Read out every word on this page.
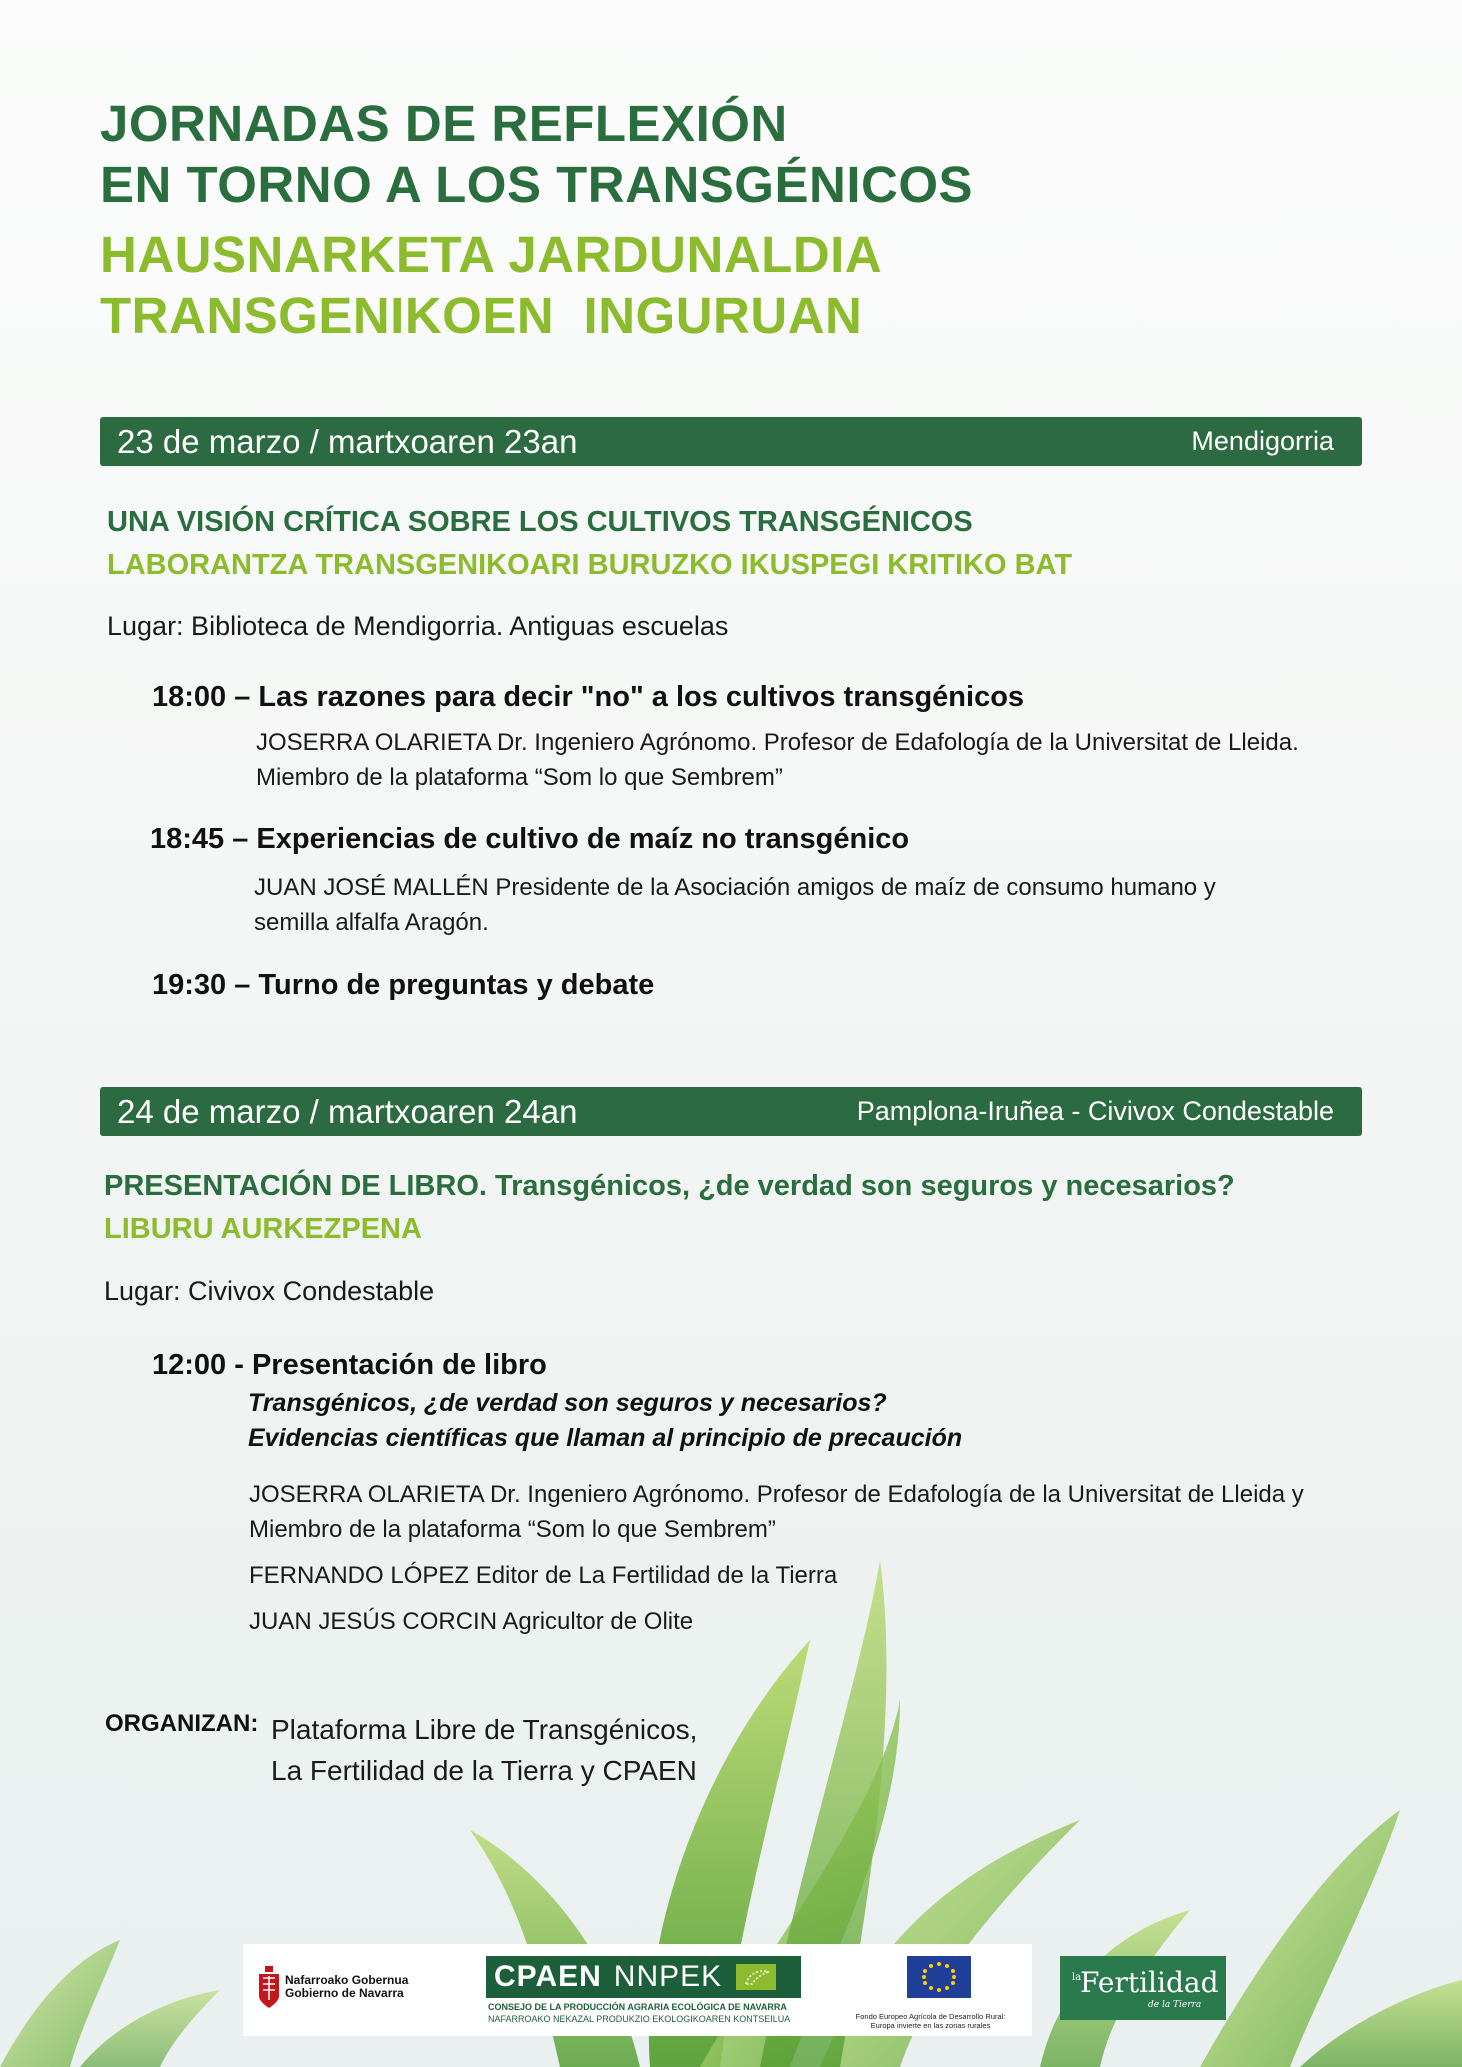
JORNADAS DE REFLEXIÓN
EN TORNO A LOS TRANSGÉNICOS
HAUSNARKETA JARDUNALDIA
TRANSGENIKOEN  INGURUAN
23 de marzo / martxoaren 23an	Mendigorria
UNA VISIÓN CRÍTICA SOBRE LOS CULTIVOS TRANSGÉNICOS
LABORANTZA TRANSGENIKOARI BURUZKO IKUSPEGI KRITIKO BAT
Lugar: Biblioteca de Mendigorria. Antiguas escuelas
18:00 – Las razones para decir "no" a los cultivos transgénicos
JOSERRA OLARIETA Dr. Ingeniero Agrónomo. Profesor de Edafología de la Universitat de Lleida.
Miembro de la plataforma “Som lo que Sembrem”
18:45 – Experiencias de cultivo de maíz no transgénico
JUAN JOSÉ MALLÉN Presidente de la Asociación amigos de maíz de consumo humano y
semilla alfalfa Aragón.
19:30 – Turno de preguntas y debate
24 de marzo / martxoaren 24an	Pamplona-Iruñea - Civivox Condestable
PRESENTACIÓN DE LIBRO. Transgénicos, ¿de verdad son seguros y necesarios?
LIBURU AURKEZPENA
Lugar: Civivox Condestable
12:00 - Presentación de libro
Transgénicos, ¿de verdad son seguros y necesarios?
Evidencias científicas que llaman al principio de precaución
JOSERRA OLARIETA Dr. Ingeniero Agrónomo. Profesor de Edafología de la Universitat de Lleida y
Miembro de la plataforma “Som lo que Sembrem”
FERNANDO LÓPEZ Editor de La Fertilidad de la Tierra
JUAN JESÚS CORCIN Agricultor de Olite
ORGANIZAN: Plataforma Libre de Transgénicos,
La Fertilidad de la Tierra y CPAEN
Nafarroako Gobernua
Gobierno de Navarra	CPAEN NNPEK
CONSEJO DE LA PRODUCCIÓN AGRARIA ECOLÓGICA DE NAVARRA
NAFARROAKO NEKAZAL PRODUKZIO EKOLOGIKOAREN KONTSEILUA	Fondo Europeo Agrícola de Desarrollo Rural:
Europa invierte en las zonas rurales
la
Fertilidad
de la Tierra
